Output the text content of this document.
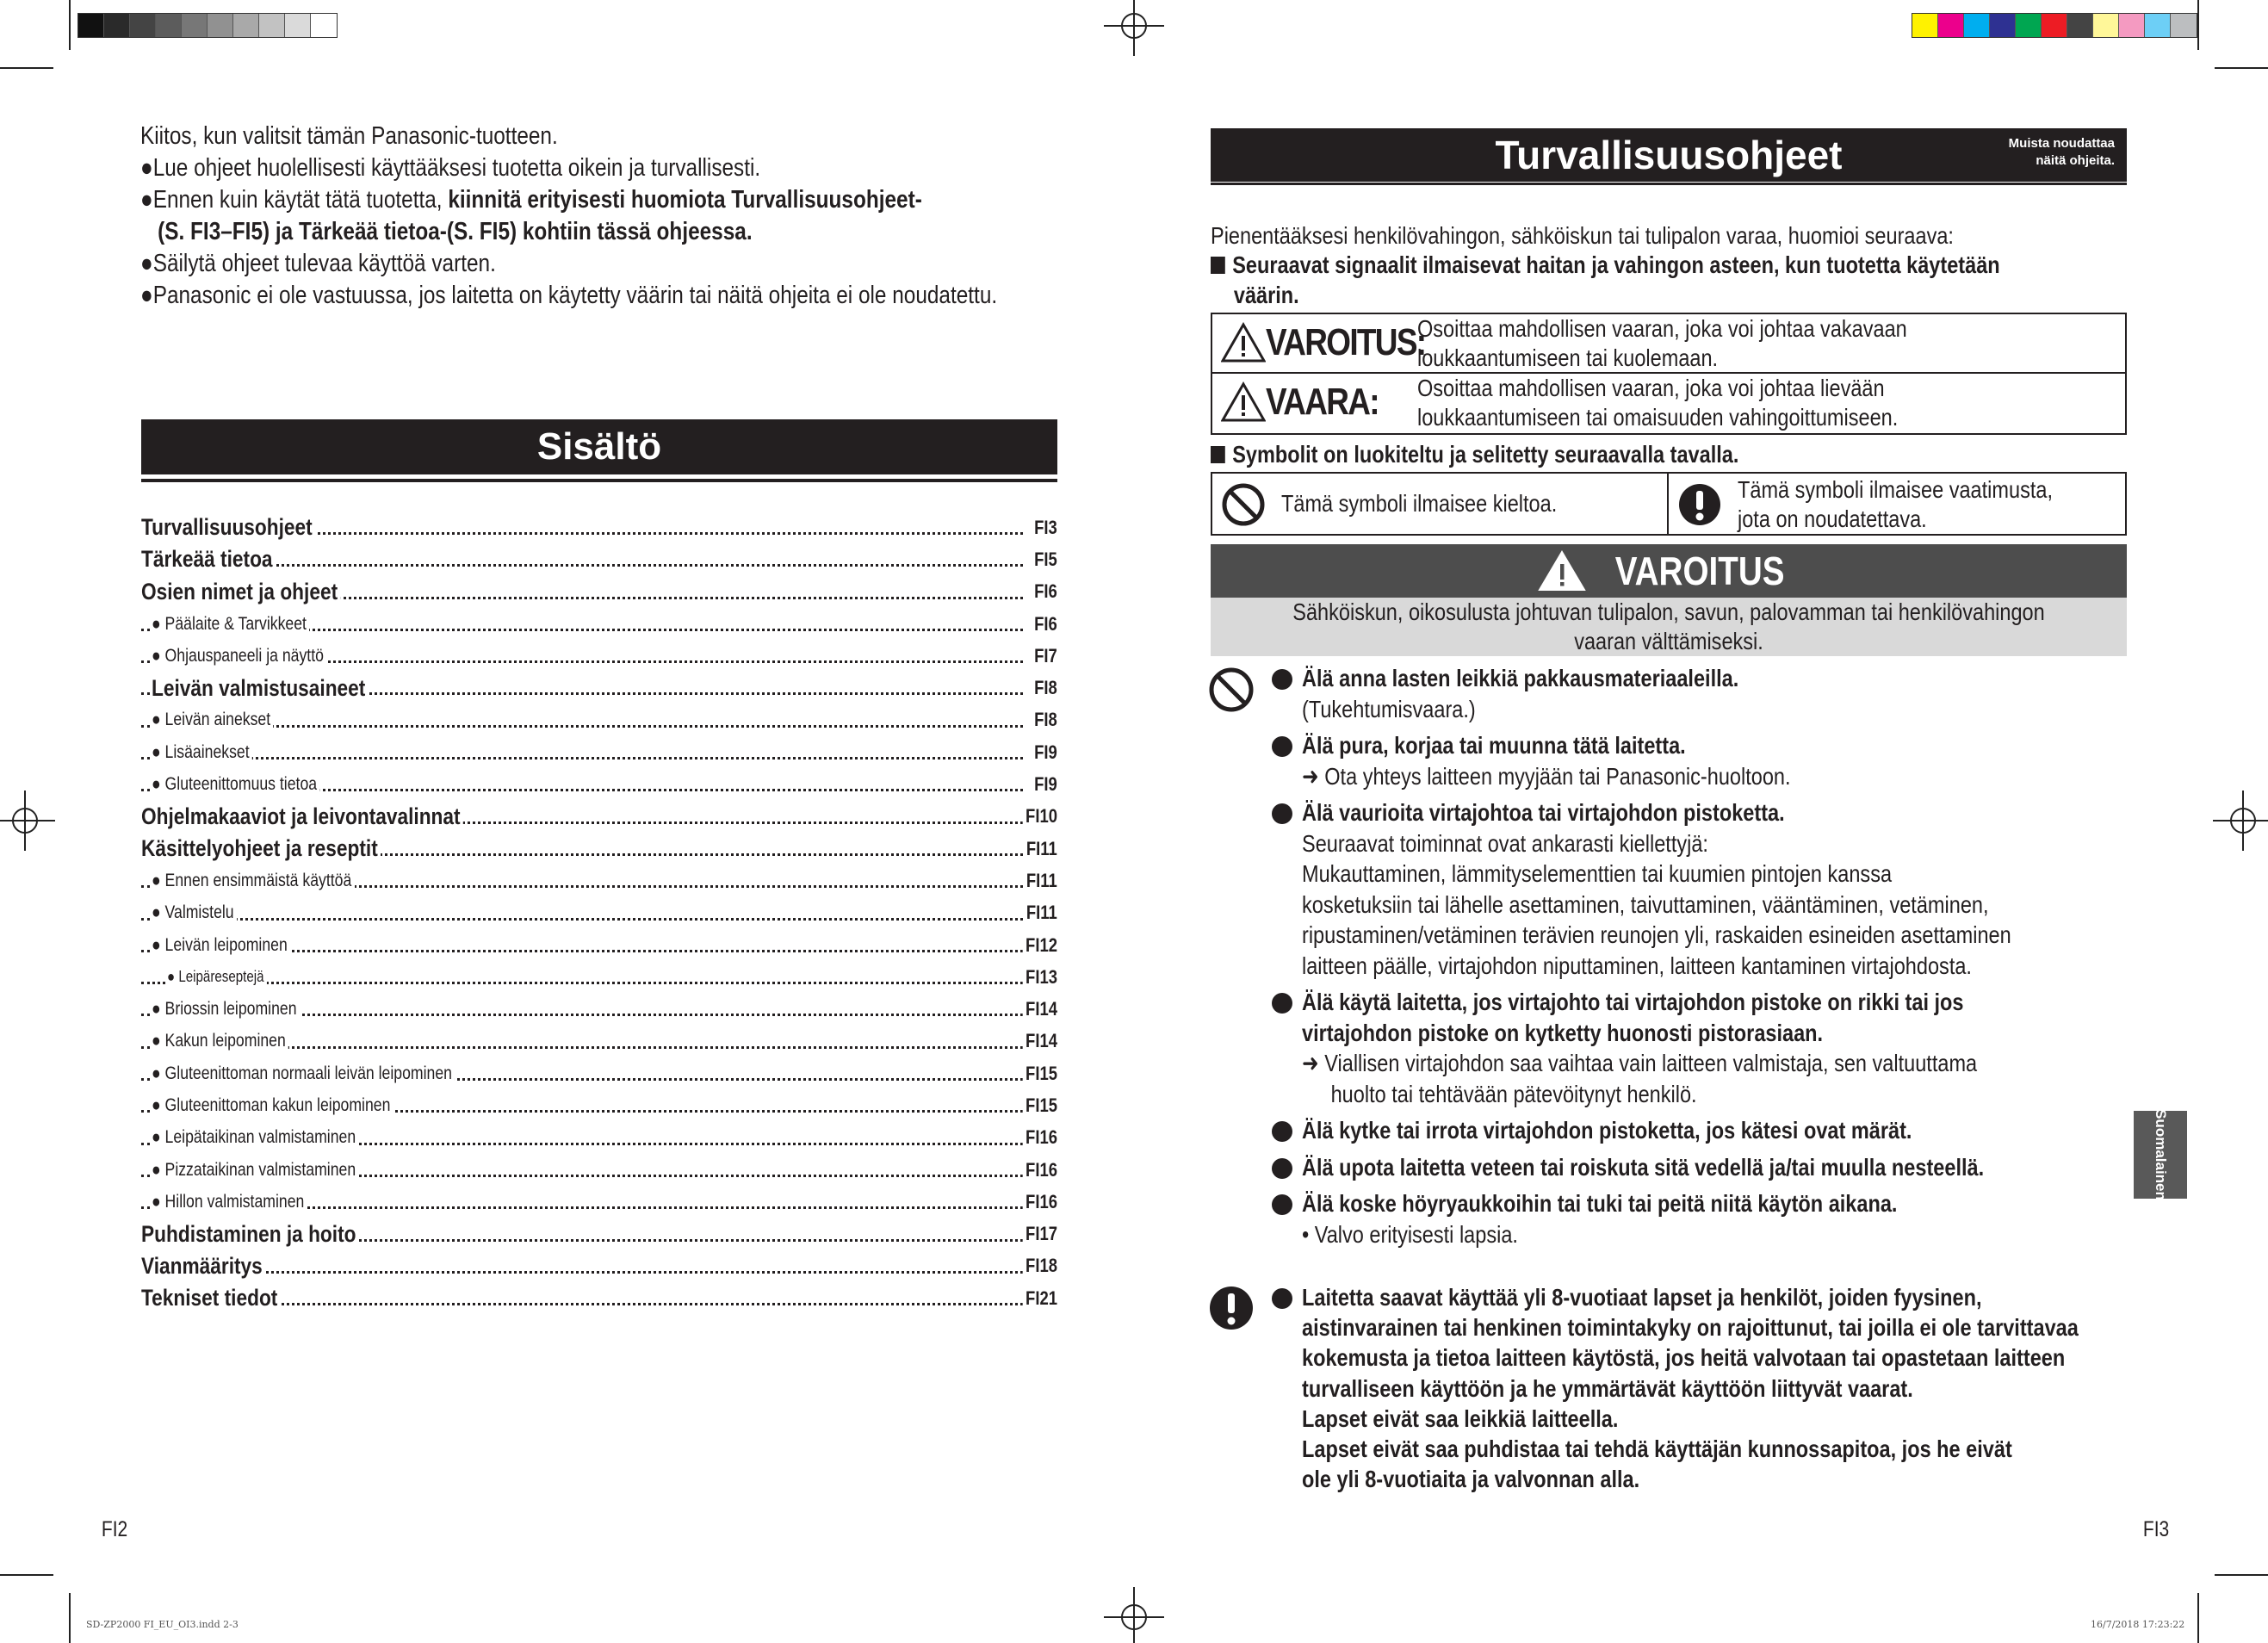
Kiitos, kun valitsit tämän Panasonic-tuotteen.

●Lue ohjeet huolellisesti käyttääksesi tuotetta oikein ja turvallisesti.

●Ennen kuin käytät tätä tuotetta, kiinnitä erityisesti huomiota Turvallisuusohjeet-

(S. FI3–FI5) ja Tärkeää tietoa-(S. FI5) kohtiin tässä ohjeessa.

●Säilytä ohjeet tulevaa käyttöä varten.

●Panasonic ei ole vastuussa, jos laitetta on käytetty väärin tai näitä ohjeita ei ole noudatettu.

Sisältö
Turvallisuusohjeet	FI3
Tärkeää tietoa	FI5
Osien nimet ja ohjeet	FI6
● Päälaite & Tarvikkeet	FI6
● Ohjauspaneeli ja näyttö	FI7
Leivän valmistusaineet	FI8
● Leivän ainekset	FI8
● Lisäainekset	FI9
● Gluteenittomuus tietoa	FI9
Ohjelmakaaviot ja leivontavalinnat	FI10
Käsittelyohjeet ja reseptit	FI11
● Ennen ensimmäistä käyttöä	FI11
● Valmistelu	FI11
● Leivän leipominen	FI12
● Leipäreseptejä	FI13
● Briossin leipominen	FI14
● Kakun leipominen	FI14
● Gluteenittoman normaali leivän leipominen	FI15
● Gluteenittoman kakun leipominen	FI15
● Leipätaikinan valmistaminen	FI16
● Pizzataikinan valmistaminen	FI16
● Hillon valmistaminen	FI16
Puhdistaminen ja hoito	FI17
Vianmääritys	FI18
Tekniset tiedot	FI21
FI2
Turvallisuusohjeet	Muista noudattaa
näitä ohjeita.
Pienentääksesi henkilövahingon, sähköiskun tai tulipalon varaa, huomioi seuraava:
Seuraavat signaalit ilmaisevat haitan ja vahingon asteen, kun tuotetta käytetään
väärin.
VAROITUS:
Osoittaa mahdollisen vaaran, joka voi johtaa vakavaan
loukkaantumiseen tai kuolemaan.
VAARA: Osoittaa mahdollisen vaaran, joka voi johtaa lievään
loukkaantumiseen tai omaisuuden vahingoittumiseen.
Symbolit on luokiteltu ja selitetty seuraavalla tavalla.
Tämä symboli ilmaisee kieltoa.
Tämä symboli ilmaisee vaatimusta,
jota on noudatettava.
VAROITUS
Sähköiskun, oikosulusta johtuvan tulipalon, savun, palovamman tai henkilövahingon
vaaran välttämiseksi.
Älä anna lasten leikkiä pakkausmateriaaleilla.
(Tukehtumisvaara.)
Älä pura, korjaa tai muunna tätä laitetta.
➜ Ota yhteys laitteen myyjään tai Panasonic-huoltoon.
Älä vaurioita virtajohtoa tai virtajohdon pistoketta.
Seuraavat toiminnat ovat ankarasti kiellettyjä:
Mukauttaminen, lämmityselementtien tai kuumien pintojen kanssa
kosketuksiin tai lähelle asettaminen, taivuttaminen, vääntäminen, vetäminen,
ripustaminen/vetäminen terävien reunojen yli, raskaiden esineiden asettaminen
laitteen päälle, virtajohdon niputtaminen, laitteen kantaminen virtajohdosta.
Älä käytä laitetta, jos virtajohto tai virtajohdon pistoke on rikki tai jos
virtajohdon pistoke on kytketty huonosti pistorasiaan.
➜ Viallisen virtajohdon saa vaihtaa vain laitteen valmistaja, sen valtuuttama
huolto tai tehtävään pätevöitynyt henkilö.
Älä kytke tai irrota virtajohdon pistoketta, jos kätesi ovat märät.
Älä upota laitetta veteen tai roiskuta sitä vedellä ja/tai muulla nesteellä.
Älä koske höyryaukkoihin tai tuki tai peitä niitä käytön aikana.
• Valvo erityisesti lapsia.
Laitetta saavat käyttää yli 8-vuotiaat lapset ja henkilöt, joiden fyysinen,
aistinvarainen tai henkinen toimintakyky on rajoittunut, tai joilla ei ole tarvittavaa
kokemusta ja tietoa laitteen käytöstä, jos heitä valvotaan tai opastetaan laitteen
turvalliseen käyttöön ja he ymmärtävät käyttöön liittyvät vaarat.
Lapset eivät saa leikkiä laitteella.
Lapset eivät saa puhdistaa tai tehdä käyttäjän kunnossapitoa, jos he eivät
ole yli 8-vuotiaita ja valvonnan alla.
Suomalainen
FI3
SD-ZP2000 FI_EU_OI3.indd 2-3	16/7/2018 17:23:22
